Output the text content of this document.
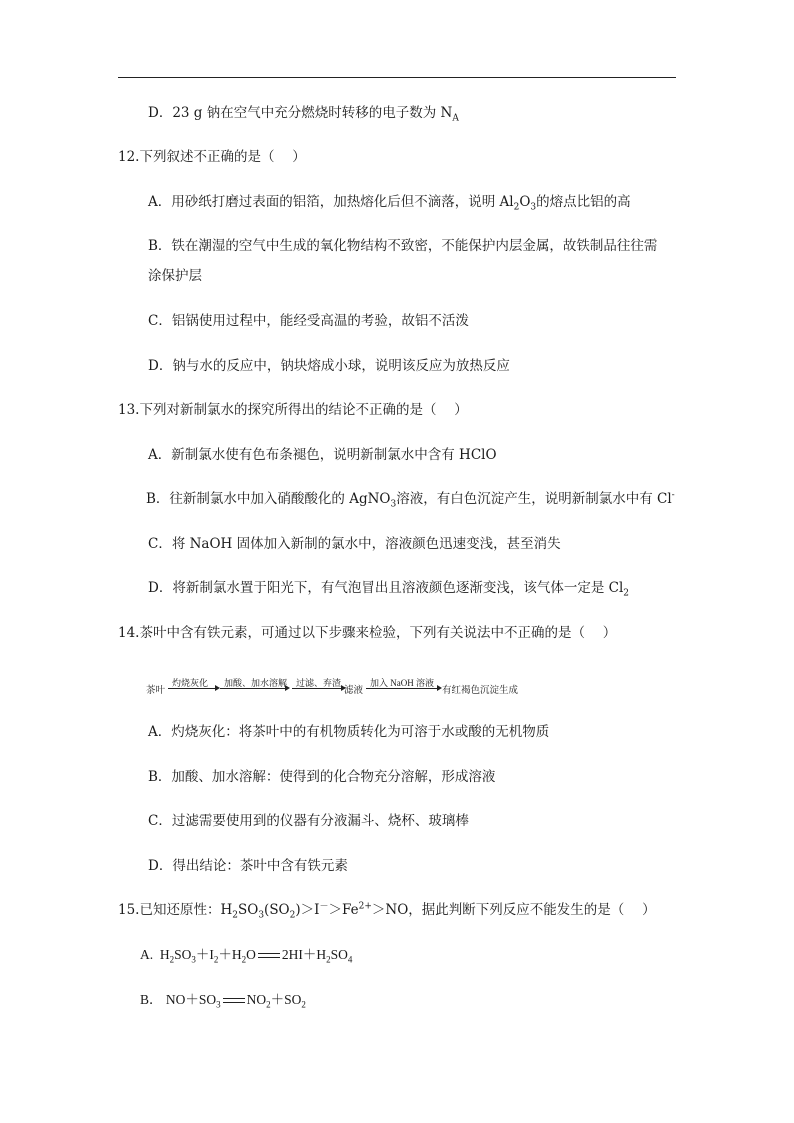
D．23 g 钠在空气中充分燃烧时转移的电子数为 $N_A$
12.下列叙述不正确的是（　 ）
A．用砂纸打磨过表面的铝箔，加热熔化后但不滴落，说明 $Al_2O_3$的熔点比铝的高
B．铁在潮湿的空气中生成的氧化物结构不致密，不能保护内层金属，故铁制品往往需
涂保护层
C．铝锅使用过程中，能经受高温的考验，故铝不活泼
D．钠与水的反应中，钠块熔成小球，说明该反应为放热反应
13.下列对新制氯水的探究所得出的结论不正确的是（　 ）
A．新制氯水使有色布条褪色，说明新制氯水中含有 HClO
B．往新制氯水中加入硝酸酸化的 AgNO$_3$溶液，有白色沉淀产生，说明新制氯水中有 Cl-
C．将 NaOH 固体加入新制的氯水中，溶液颜色迅速变浅，甚至消失
D．将新制氯水置于阳光下，有气泡冒出且溶液颜色逐渐变浅，该气体一定是 $Cl_2$
14.茶叶中含有铁元素，可通过以下步骤来检验，下列有关说法中不正确的是（　 ）
茶叶
灼烧灰化 加酸、加水溶解 过滤、弃渣
滤液
加入 NaOH 溶液
有红褐色沉淀生成
A．灼烧灰化：将茶叶中的有机物质转化为可溶于水或酸的无机物质
B．加酸、加水溶解：使得到的化合物充分溶解，形成溶液
C．过滤需要使用到的仪器有分液漏斗、烧杯、玻璃棒
D．得出结论：茶叶中含有铁元素
15.已知还原性：$H_2SO_3(SO_2)>I^->Fe^{2+}>NO$，据此判断下列反应不能发生的是（　 ）
A. $H_2SO_3+I_2+H_2O$ $2HI+H_2SO_4$
B． $NO+SO_3$ $NO_2+SO_2$
